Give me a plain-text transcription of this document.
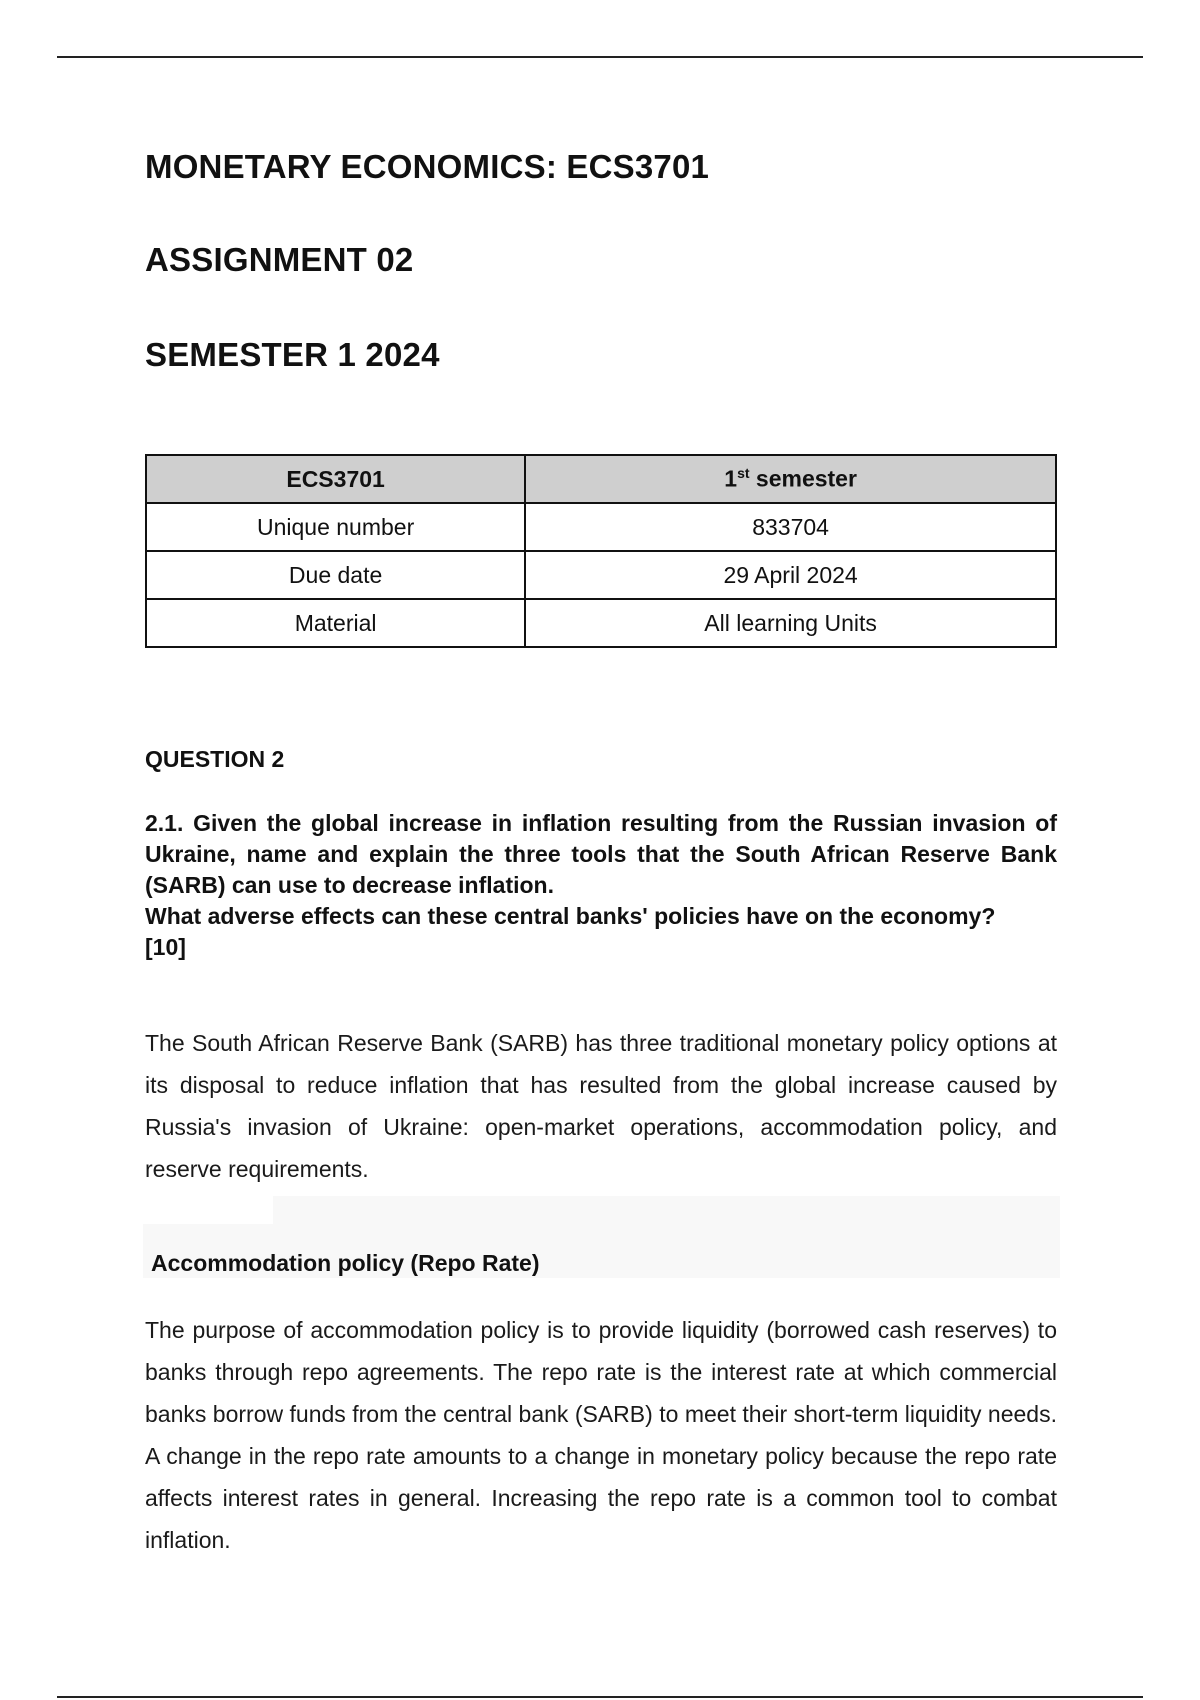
MONETARY ECONOMICS: ECS3701
ASSIGNMENT 02
SEMESTER 1 2024
ECS3701	1st semester
Unique number	833704
Due date	29 April 2024
Material	All learning Units

QUESTION 2

2.1. Given the global increase in inflation resulting from the Russian invasion of Ukraine, name and explain the three tools that the South African Reserve Bank (SARB) can use to decrease inflation.
What adverse effects can these central banks' policies have on the economy?
[10]

The South African Reserve Bank (SARB) has three traditional monetary policy options at its disposal to reduce inflation that has resulted from the global increase caused by Russia's invasion of Ukraine: open-market operations, accommodation policy, and reserve requirements.

Accommodation policy (Repo Rate)

The purpose of accommodation policy is to provide liquidity (borrowed cash reserves) to banks through repo agreements. The repo rate is the interest rate at which commercial banks borrow funds from the central bank (SARB) to meet their short-term liquidity needs. A change in the repo rate amounts to a change in monetary policy because the repo rate affects interest rates in general. Increasing the repo rate is a common tool to combat inflation.
